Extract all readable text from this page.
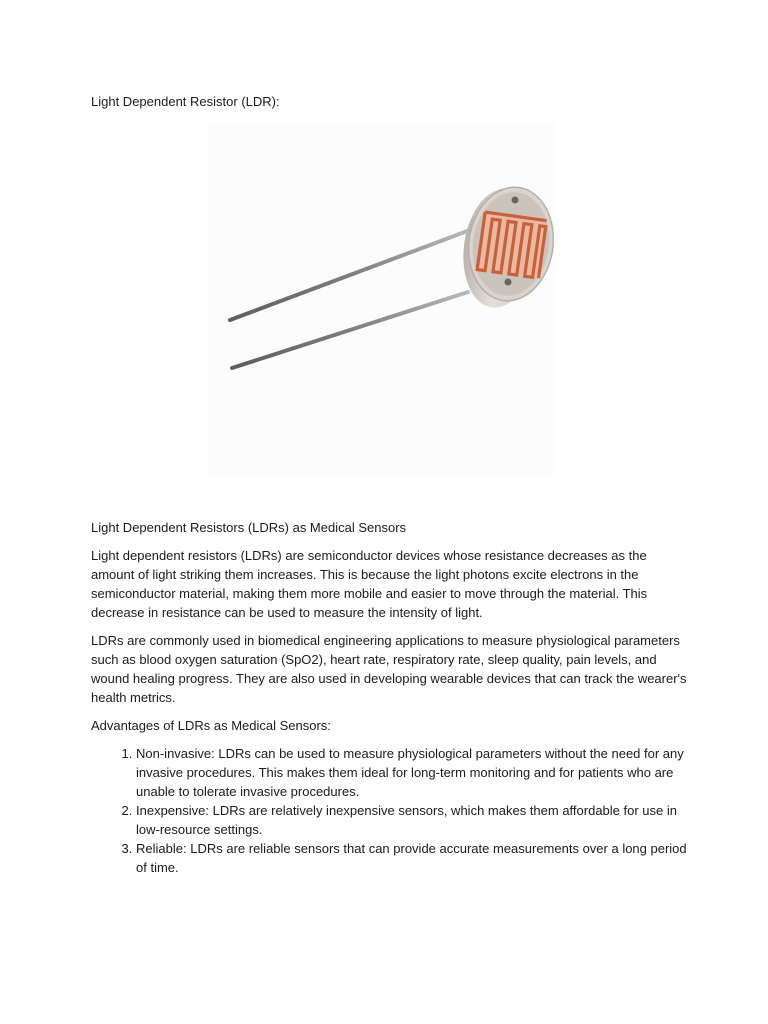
Light Dependent Resistor (LDR):

Light Dependent Resistors (LDRs) as Medical Sensors

Light dependent resistors (LDRs) are semiconductor devices whose resistance decreases as the amount of light striking them increases. This is because the light photons excite electrons in the semiconductor material, making them more mobile and easier to move through the material. This decrease in resistance can be used to measure the intensity of light.

LDRs are commonly used in biomedical engineering applications to measure physiological parameters such as blood oxygen saturation (SpO2), heart rate, respiratory rate, sleep quality, pain levels, and wound healing progress. They are also used in developing wearable devices that can track the wearer's health metrics.

Advantages of LDRs as Medical Sensors:

1. Non-invasive : LDRs can be used to measure physiological parameters without the need for any invasive procedures. This makes them ideal for long-term monitoring and for patients who are unable to tolerate invasive procedures.
2. Inexpensive : LDRs are relatively inexpensive sensors, which makes them affordable for use in low-resource settings.
3. Reliable : LDRs are reliable sensors that can provide accurate measurements over a long period of time.
